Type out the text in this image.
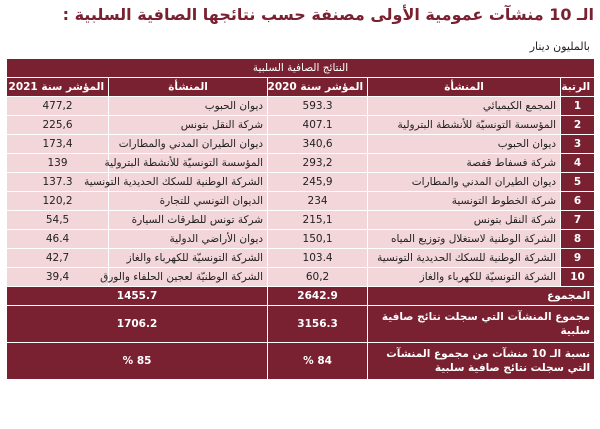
الـ 10 منشآت عمومية الأولى مصنفة حسب نتائجها الصافية السلبية :
بالمليون دينار
النتائج الصافية السلبية				
الرتبة	المنشأة	المؤشر سنة 2020	المنشأة	المؤشر سنة 2021
1	المجمع الكيميائي	593.3	ديوان الحبوب	477,2
2	المؤسسة التونسيّة للأنشطة البترولية	407.1	شركة النقل بتونس	225,6
3	ديوان الحبوب	340,6	ديوان الطيران المدني والمطارات	173,4
4	شركة فسفاط قفصة	293,2	المؤسسة التونسيّة للأنشطة البترولية	139
5	ديوان الطيران المدني والمطارات	245,9	الشركة الوطنية للسكك الحديدية التونسية	137.3
6	شركة الخطوط التونسية	234	الديوان التونسي للتجارة	120,2
7	شركة النقل بتونس	215,1	شركة تونس للطرقات السيارة	54,5
8	الشركة الوطنية لاستغلال وتوزيع المياه	150,1	ديوان الأراضي الدولية	46.4
9	الشركة الوطنية للسكك الحديدية التونسية	103.4	الشركة التونسيّة للكهرباء والغاز	42,7
10	الشركة التونسيّة للكهرباء والغاز	60,2	الشركة الوطنيّة لعجين الحلفاء والورق	39,4
المجموع		2642.9	1455.7	
مجموع المنشآت التي سجلت نتائج صافية سلبية		3156.3	1706.2	
نسبة الـ 10 منشآت من مجموع المنشآت التي سجلت نتائج صافية سلبية		84 %	85 %	
